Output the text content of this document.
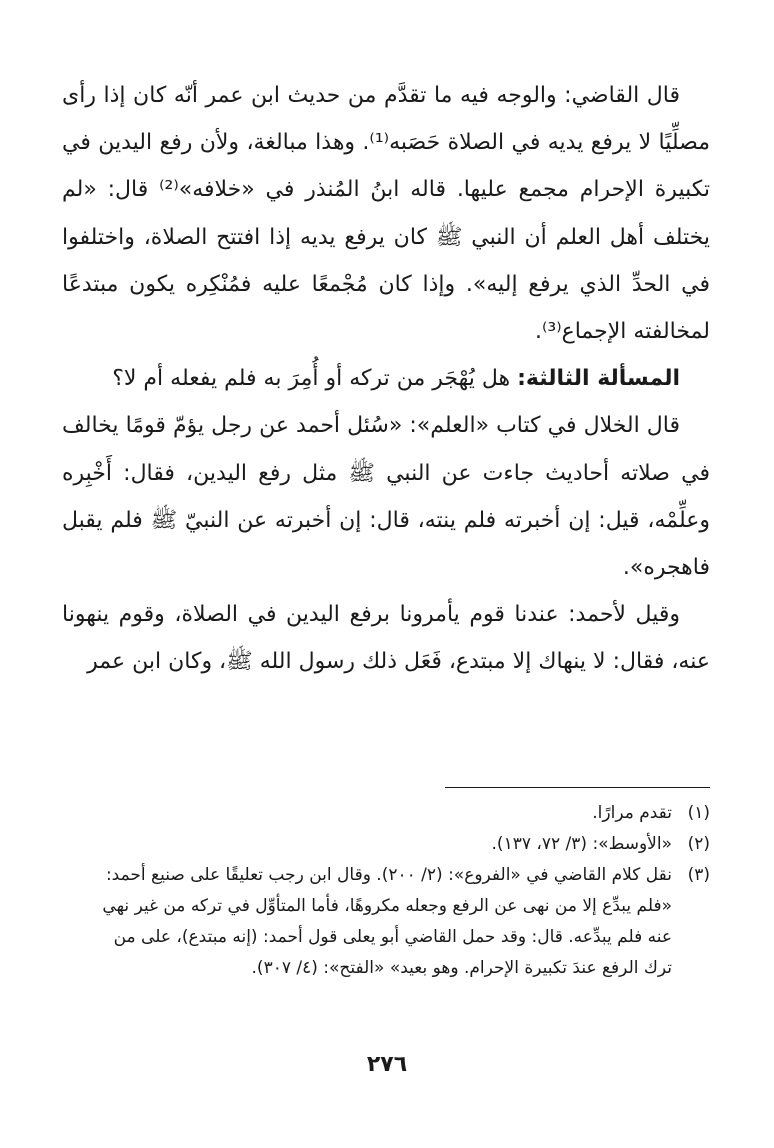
قال القاضي: والوجه فيه ما تقدَّم من حديث ابن عمر أنّه كان إذا رأى مصلِّيًا لا يرفع يديه في الصلاة حَصَبه⁽¹⁾. وهذا مبالغة، ولأن رفع اليدين في تكبيرة الإحرام مجمع عليها. قاله ابنُ المُنذر في «خلافه»⁽²⁾ قال: «لم يختلف أهل العلم أن النبي ﷺ كان يرفع يديه إذا افتتح الصلاة، واختلفوا في الحدِّ الذي يرفع إليه». وإذا كان مُجْمعًا عليه فمُنْكِره يكون مبتدعًا لمخالفته الإجماع⁽³⁾.

المسألة الثالثة: هل يُهْجَر من تركه أو أُمِرَ به فلم يفعله أم لا؟

قال الخلال في كتاب «العلم»: «سُئل أحمد عن رجل يؤمّ قومًا يخالف في صلاته أحاديث جاءت عن النبي ﷺ مثل رفع اليدين، فقال: أَخْبِره وعلِّمْه، قيل: إن أخبرته فلم ينته، قال: إن أخبرته عن النبيّ ﷺ فلم يقبل فاهجره».

وقيل لأحمد: عندنا قوم يأمرونا برفع اليدين في الصلاة، وقوم ينهونا عنه، فقال: لا ينهاك إلا مبتدع، فَعَل ذلك رسول الله ﷺ، وكان ابن عمر

(١)
تقدم مرارًا.
(٢)
«الأوسط»: (٣/ ٧٢، ١٣٧).
(٣)
نقل كلام القاضي في «الفروع»: (٢/ ٢٠٠). وقال ابن رجب تعليقًا على صنيع أحمد:
«فلم يبدِّع إلا من نهى عن الرفع وجعله مكروهًا، فأما المتأوِّل في تركه من غير نهي
عنه فلم يبدِّعه. قال: وقد حمل القاضي أبو يعلى قول أحمد: (إنه مبتدع)، على من
ترك الرفع عندَ تكبيرة الإحرام. وهو بعيد» «الفتح»: (٤/ ٣٠٧).
٢٧٦
